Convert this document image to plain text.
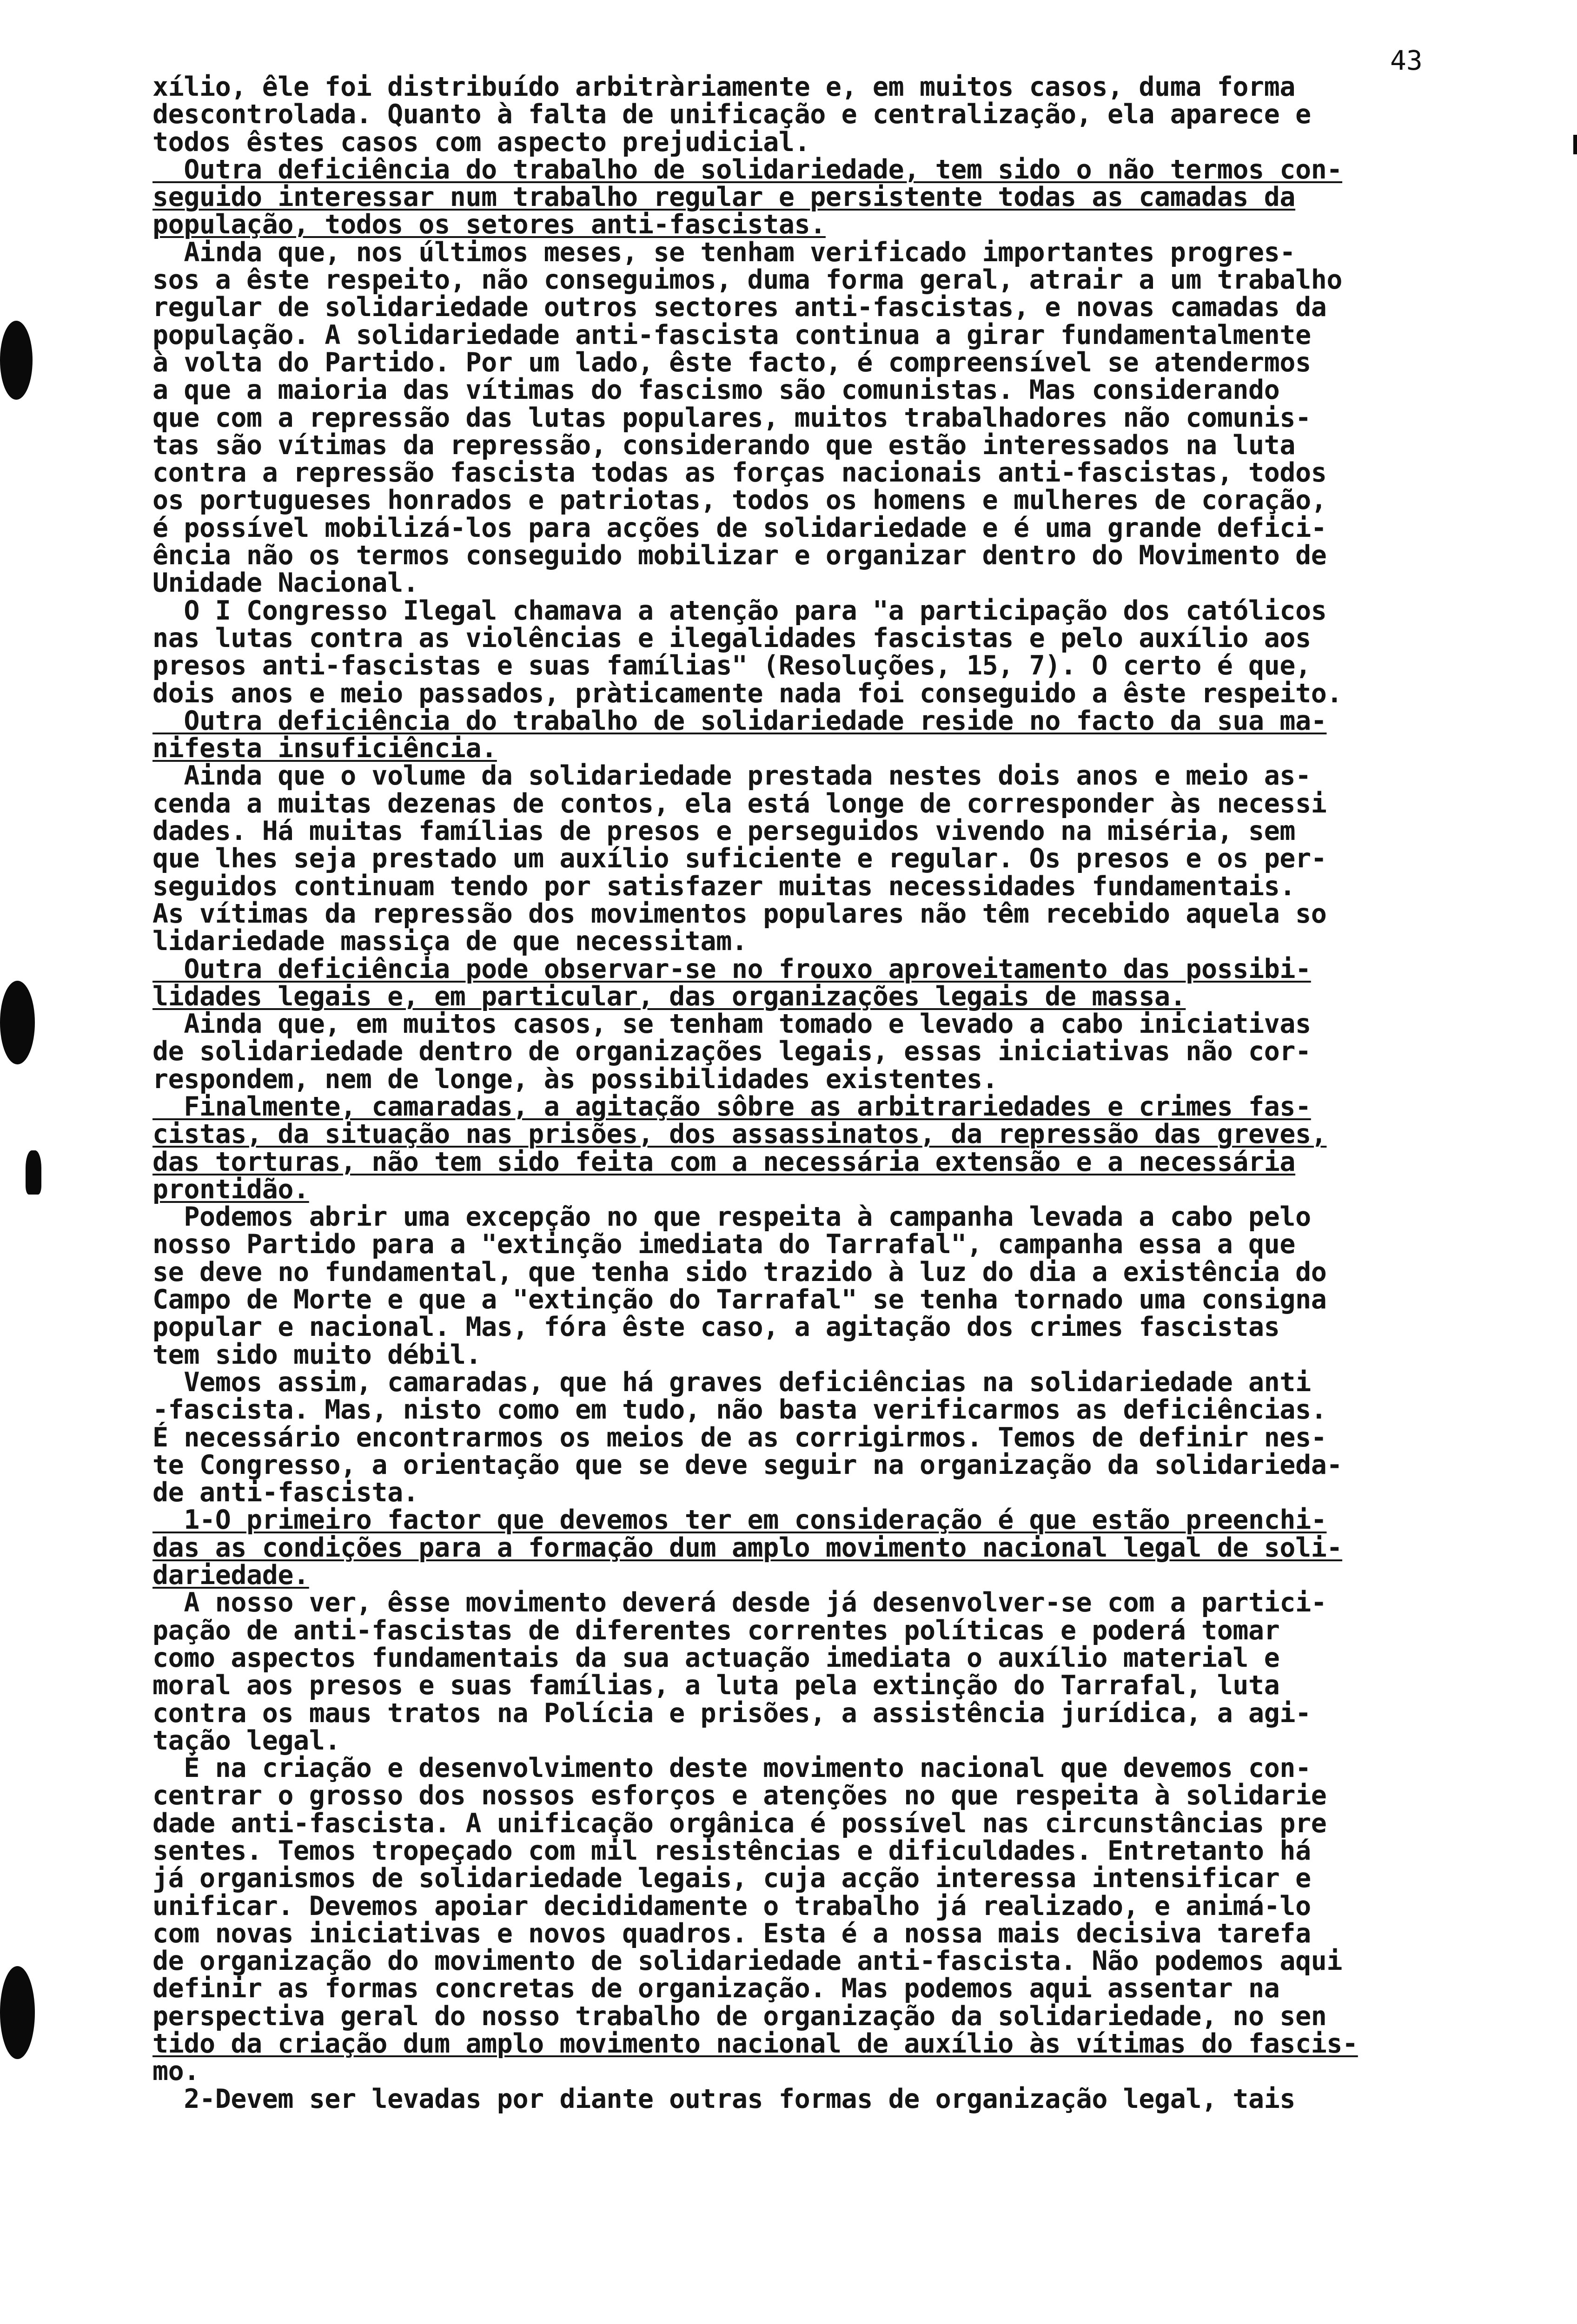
43
xílio, êle foi distribuído arbitràriamente e, em muitos casos, duma forma
descontrolada. Quanto à falta de unificação e centralização, ela aparece e
todos êstes casos com aspecto prejudicial.
Outra deficiência do trabalho de solidariedade, tem sido o não termos con-
seguido interessar num trabalho regular e persistente todas as camadas da
população, todos os setores anti-fascistas.
Ainda que, nos últimos meses, se tenham verificado importantes progres-
sos a êste respeito, não conseguimos, duma forma geral, atrair a um trabalho
regular de solidariedade outros sectores anti-fascistas, e novas camadas da
população. A solidariedade anti-fascista continua a girar fundamentalmente
à volta do Partido. Por um lado, êste facto, é compreensível se atendermos
a que a maioria das vítimas do fascismo são comunistas. Mas considerando
que com a repressão das lutas populares, muitos trabalhadores não comunis-
tas são vítimas da repressão, considerando que estão interessados na luta
contra a repressão fascista todas as forças nacionais anti-fascistas, todos
os portugueses honrados e patriotas, todos os homens e mulheres de coração,
é possível mobilizá-los para acções de solidariedade e é uma grande defici-
ência não os termos conseguido mobilizar e organizar dentro do Movimento de
Unidade Nacional.
O I Congresso Ilegal chamava a atenção para "a participação dos católicos
nas lutas contra as violências e ilegalidades fascistas e pelo auxílio aos
presos anti-fascistas e suas famílias" (Resoluções, 15, 7). O certo é que,
dois anos e meio passados, pràticamente nada foi conseguido a êste respeito.
Outra deficiência do trabalho de solidariedade reside no facto da sua ma-
nifesta insuficiência.
Ainda que o volume da solidariedade prestada nestes dois anos e meio as-
cenda a muitas dezenas de contos, ela está longe de corresponder às necessi
dades. Há muitas famílias de presos e perseguidos vivendo na miséria, sem
que lhes seja prestado um auxílio suficiente e regular. Os presos e os per-
seguidos continuam tendo por satisfazer muitas necessidades fundamentais.
As vítimas da repressão dos movimentos populares não têm recebido aquela so
lidariedade massiça de que necessitam.
Outra deficiência pode observar-se no frouxo aproveitamento das possibi-
lidades legais e, em particular, das organizações legais de massa.
Ainda que, em muitos casos, se tenham tomado e levado a cabo iniciativas
de solidariedade dentro de organizações legais, essas iniciativas não cor-
respondem, nem de longe, às possibilidades existentes.
Finalmente, camaradas, a agitação sôbre as arbitrariedades e crimes fas-
cistas, da situação nas prisões, dos assassinatos, da repressão das greves,
das torturas, não tem sido feita com a necessária extensão e a necessária
prontidão.
Podemos abrir uma excepção no que respeita à campanha levada a cabo pelo
nosso Partido para a "extinção imediata do Tarrafal", campanha essa a que
se deve no fundamental, que tenha sido trazido à luz do dia a existência do
Campo de Morte e que a "extinção do Tarrafal" se tenha tornado uma consigna
popular e nacional. Mas, fóra êste caso, a agitação dos crimes fascistas
tem sido muito débil.
Vemos assim, camaradas, que há graves deficiências na solidariedade anti
-fascista. Mas, nisto como em tudo, não basta verificarmos as deficiências.
É necessário encontrarmos os meios de as corrigirmos. Temos de definir nes-
te Congresso, a orientação que se deve seguir na organização da solidarieda-
de anti-fascista.
1-O primeiro factor que devemos ter em consideração é que estão preenchi-
das as condições para a formação dum amplo movimento nacional legal de soli-
dariedade.
A nosso ver, êsse movimento deverá desde já desenvolver-se com a partici-
pação de anti-fascistas de diferentes correntes políticas e poderá tomar
como aspectos fundamentais da sua actuação imediata o auxílio material e
moral aos presos e suas famílias, a luta pela extinção do Tarrafal, luta
contra os maus tratos na Polícia e prisões, a assistência jurídica, a agi-
tação legal.
É na criação e desenvolvimento deste movimento nacional que devemos con-
centrar o grosso dos nossos esforços e atenções no que respeita à solidarie
dade anti-fascista. A unificação orgânica é possível nas circunstâncias pre
sentes. Temos tropeçado com mil resistências e dificuldades. Entretanto há
já organismos de solidariedade legais, cuja acção interessa intensificar e
unificar. Devemos apoiar decididamente o trabalho já realizado, e animá-lo
com novas iniciativas e novos quadros. Esta é a nossa mais decisiva tarefa
de organização do movimento de solidariedade anti-fascista. Não podemos aqui
definir as formas concretas de organização. Mas podemos aqui assentar na
perspectiva geral do nosso trabalho de organização da solidariedade, no sen
tido da criação dum amplo movimento nacional de auxílio às vítimas do fascis-
mo.
2-Devem ser levadas por diante outras formas de organização legal, tais
